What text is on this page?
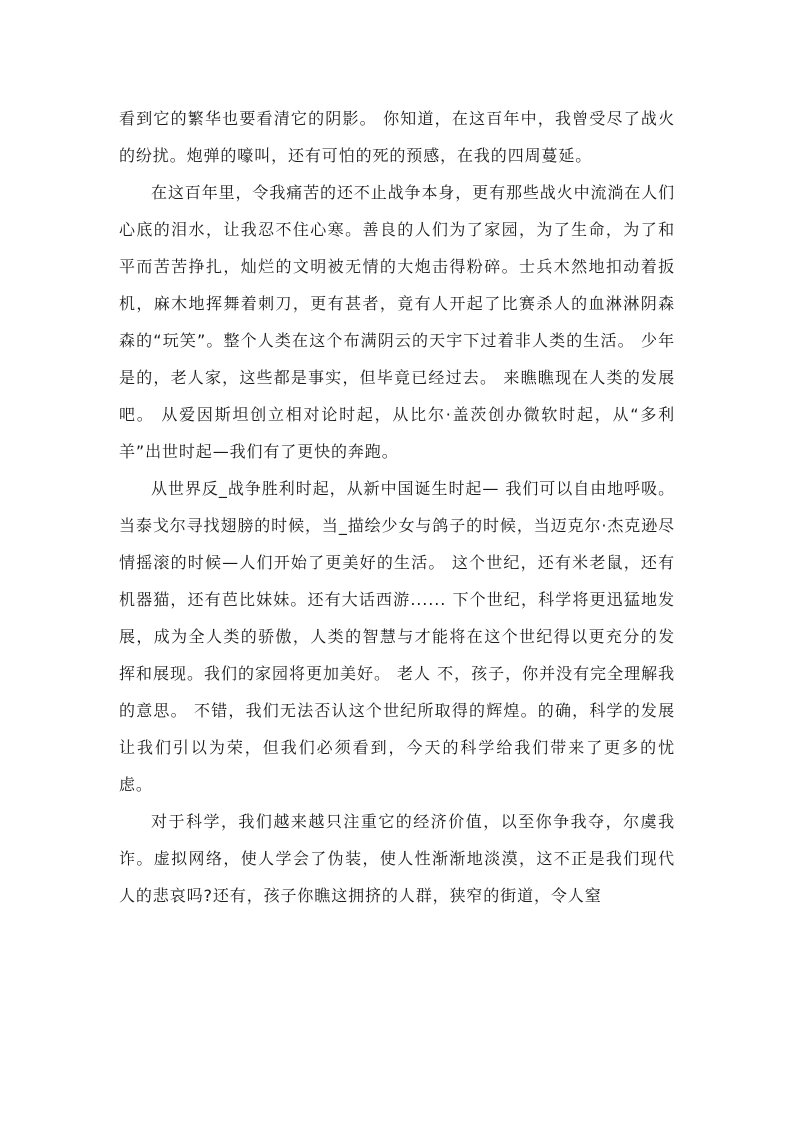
看到它的繁华也要看清它的阴影。 你知道，在这百年中，我曾受尽了战火的纷扰。炮弹的嚎叫，还有可怕的死的预感，在我的四周蔓延。

在这百年里，令我痛苦的还不止战争本身，更有那些战火中流淌在人们心底的泪水，让我忍不住心寒。善良的人们为了家园，为了生命，为了和平而苦苦挣扎，灿烂的文明被无情的大炮击得粉碎。士兵木然地扣动着扳机，麻木地挥舞着刺刀，更有甚者，竟有人开起了比赛杀人的血淋淋阴森森的“玩笑”。整个人类在这个布满阴云的天宇下过着非人类的生活。 少年 是的，老人家，这些都是事实，但毕竟已经过去。 来瞧瞧现在人类的发展吧。 从爱因斯坦创立相对论时起，从比尔·盖茨创办微软时起，从“多利羊”出世时起—我们有了更快的奔跑。

从世界反_战争胜利时起，从新中国诞生时起— 我们可以自由地呼吸。 当泰戈尔寻找翅膀的时候，当_描绘少女与鸽子的时候，当迈克尔·杰克逊尽情摇滚的时候—人们开始了更美好的生活。 这个世纪，还有米老鼠，还有机器猫，还有芭比妹妹。还有大话西游...... 下个世纪，科学将更迅猛地发展，成为全人类的骄傲，人类的智慧与才能将在这个世纪得以更充分的发挥和展现。我们的家园将更加美好。 老人 不，孩子，你并没有完全理解我的意思。 不错，我们无法否认这个世纪所取得的辉煌。的确，科学的发展让我们引以为荣，但我们必须看到，今天的科学给我们带来了更多的忧虑。

对于科学，我们越来越只注重它的经济价值，以至你争我夺，尔虞我诈。虚拟网络，使人学会了伪装，使人性渐渐地淡漠，这不正是我们现代人的悲哀吗?还有，孩子你瞧这拥挤的人群，狭窄的街道，令人窒
